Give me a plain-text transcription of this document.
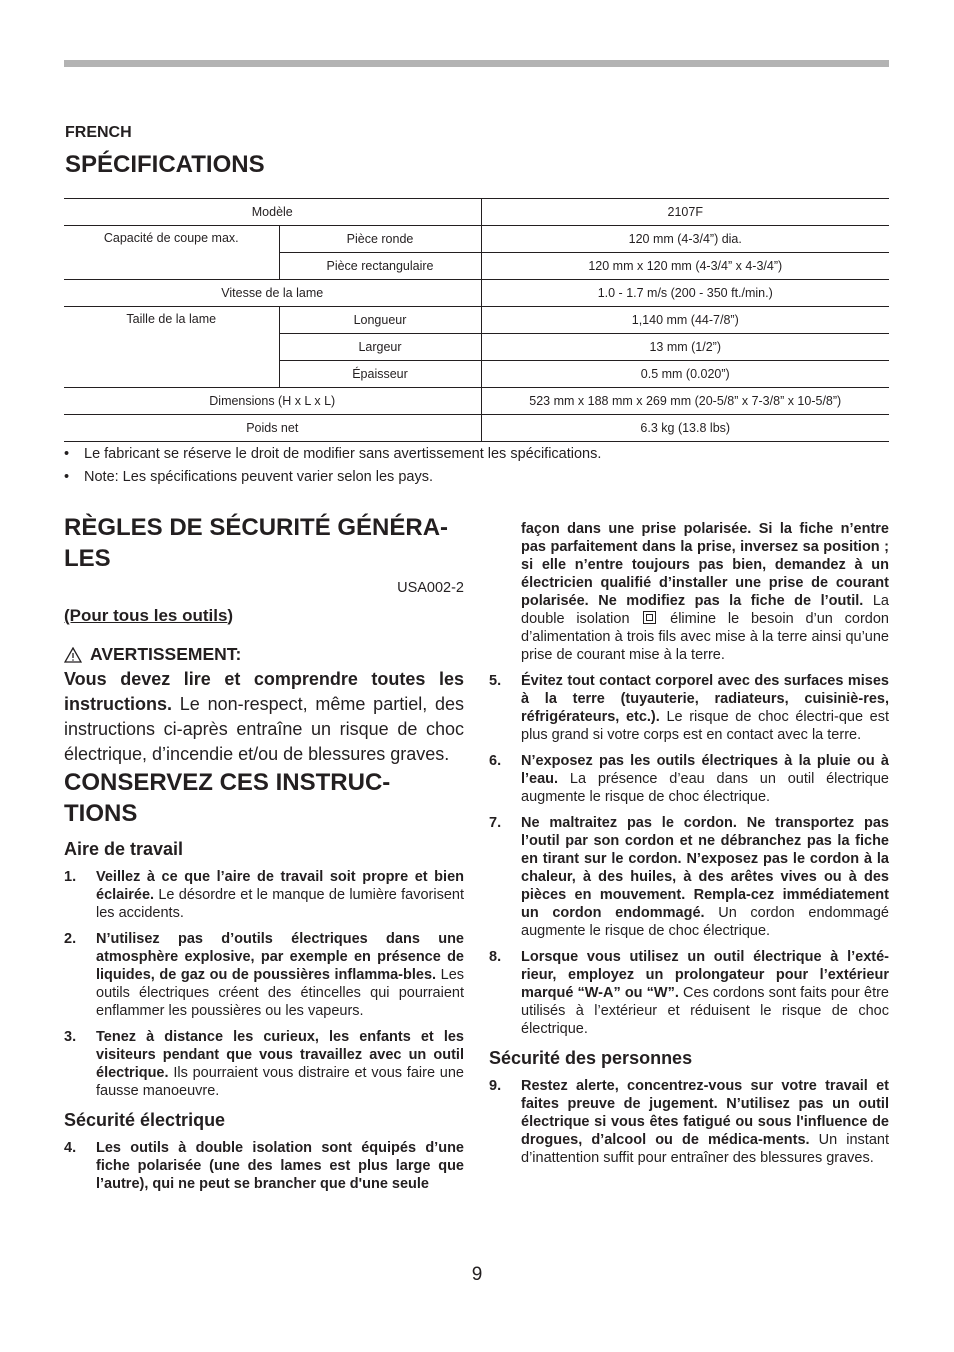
FRENCH
SPÉCIFICATIONS
Modèle		2107F
Capacité de coupe max.	Pièce ronde	120 mm (4-3/4”) dia.
	Pièce rectangulaire	120 mm x 120 mm (4-3/4” x 4-3/4”)
Vitesse de la lame		1.0 - 1.7 m/s (200 - 350 ft./min.)
Taille de la lame	Longueur	1,140 mm (44-7/8”)
	Largeur	13 mm (1/2”)
	Épaisseur	0.5 mm (0.020”)
Dimensions (H x L x L)		523 mm x 188 mm x 269 mm (20-5/8” x 7-3/8” x 10-5/8”)
Poids net		6.3 kg (13.8 lbs)
• Le fabricant se réserve le droit de modifier sans avertissement les spécifications.
• Note: Les spécifications peuvent varier selon les pays.
RÈGLES DE SÉCURITÉ GÉNÉRA-
LES
USA002-2
(Pour tous les outils)
AVERTISSEMENT:
Vous devez lire et comprendre toutes les instructions. Le non-respect, même partiel, des instructions ci-après entraîne un risque de choc électrique, d’incendie et/ou de blessures graves.
CONSERVEZ CES INSTRUC-
TIONS
Aire de travail
1. Veillez à ce que l’aire de travail soit propre et bien éclairée. Le désordre et le manque de lumière favorisent les accidents.
2. N’utilisez pas d’outils électriques dans une atmosphère explosive, par exemple en présence de liquides, de gaz ou de poussières inflamma-bles. Les outils électriques créent des étincelles qui pourraient enflammer les poussières ou les vapeurs.
3. Tenez à distance les curieux, les enfants et les visiteurs pendant que vous travaillez avec un outil électrique. Ils pourraient vous distraire et vous faire une fausse manoeuvre.
Sécurité électrique
4. Les outils à double isolation sont équipés d’une fiche polarisée (une des lames est plus large que l’autre), qui ne peut se brancher que d'une seule
façon dans une prise polarisée. Si la fiche n’entre pas parfaitement dans la prise, inversez sa position ; si elle n’entre toujours pas bien, demandez à un électricien qualifié d’installer une prise de courant polarisée. Ne modifiez pas la fiche de l’outil. La double isolation	élimine le besoin d’un cordon d’alimentation à trois fils avec mise à la terre ainsi qu’une prise de courant mise à la terre.
5. Évitez tout contact corporel avec des surfaces mises à la terre (tuyauterie, radiateurs, cuisiniè-res, réfrigérateurs, etc.). Le risque de choc électri-que est plus grand si votre corps est en contact avec la terre.
6. N’exposez pas les outils électriques à la pluie ou à l’eau. La présence d’eau dans un outil électrique augmente le risque de choc électrique.
7. Ne maltraitez pas le cordon. Ne transportez pas l’outil par son cordon et ne débranchez pas la fiche en tirant sur le cordon. N’exposez pas le cordon à la chaleur, à des huiles, à des arêtes vives ou à des pièces en mouvement. Rempla-cez immédiatement un cordon endommagé. Un cordon endommagé augmente le risque de choc électrique.
8. Lorsque vous utilisez un outil électrique à l’exté-rieur, employez un prolongateur pour l’extérieur marqué “W-A” ou “W”. Ces cordons sont faits pour être utilisés à l’extérieur et réduisent le risque de choc électrique.
Sécurité des personnes
9. Restez alerte, concentrez-vous sur votre travail et faites preuve de jugement. N’utilisez pas un outil électrique si vous êtes fatigué ou sous l'influence de drogues, d’alcool ou de médica-ments. Un instant d’inattention suffit pour entraîner des blessures graves.
9
